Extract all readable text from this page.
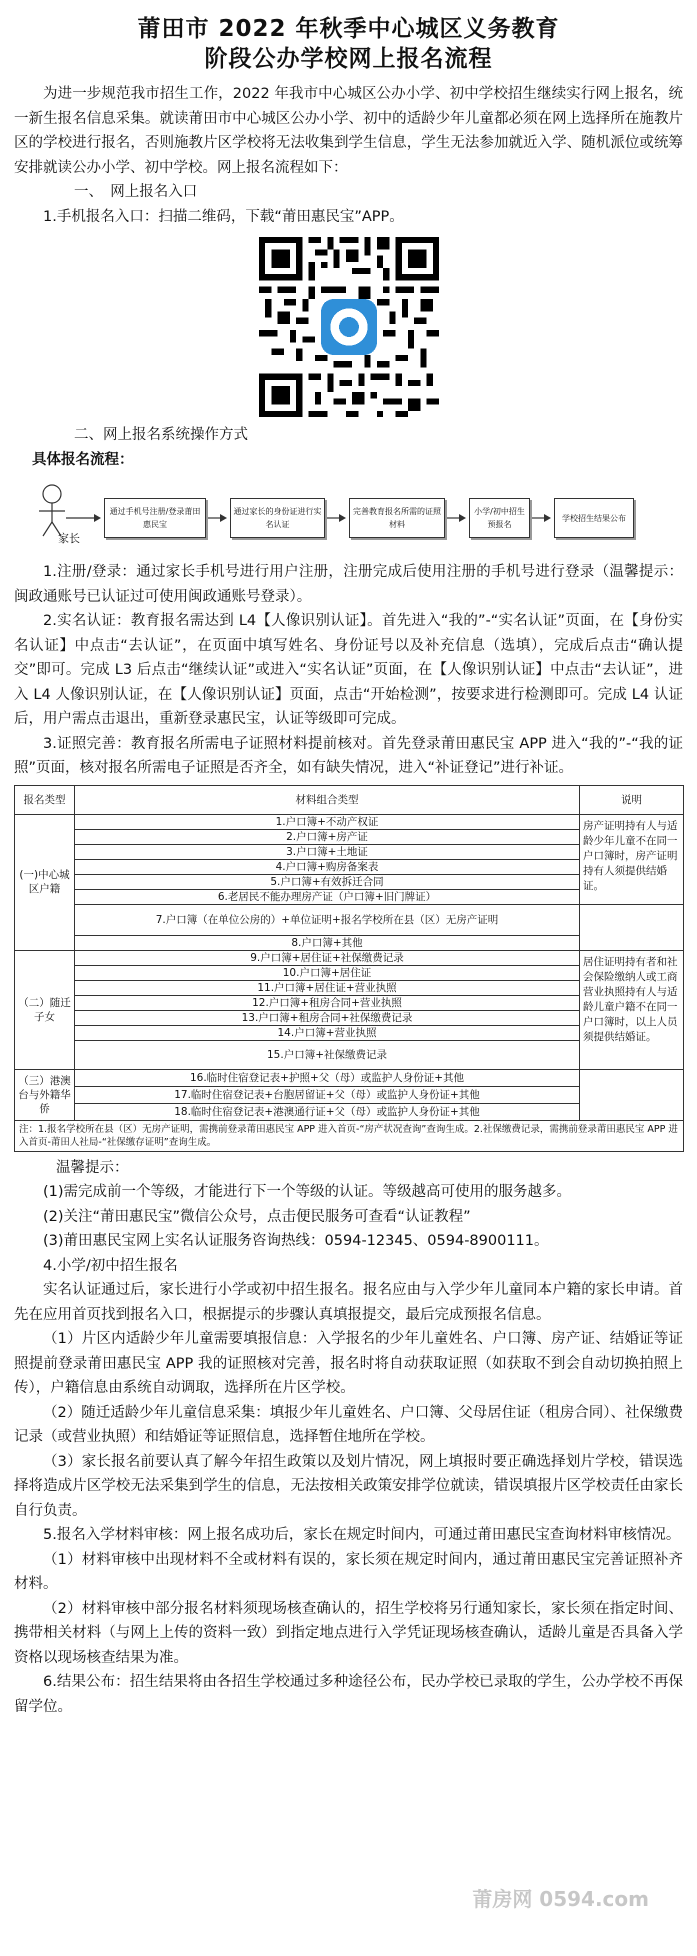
莆田市 2022 年秋季中心城区义务教育
阶段公办学校网上报名流程

为进一步规范我市招生工作，2022 年我市中心城区公办小学、初中学校招生继续实行网上报名，统一新生报名信息采集。就读莆田市中心城区公办小学、初中的适龄少年儿童都必须在网上选择所在施教片区的学校进行报名，否则施教片区学校将无法收集到学生信息，学生无法参加就近入学、随机派位或统筹安排就读公办小学、初中学校。网上报名流程如下：

一、　网上报名入口

1.手机报名入口：扫描二维码，下载“莆田惠民宝”APP。

二、网上报名系统操作方式

具体报名流程：

家长
通过手机号注册/登录莆田惠民宝
通过家长的身份证进行实名认证
完善教育报名所需的证照材料
小学/初中招生预报名
学校招生结果公布

1.注册/登录：通过家长手机号进行用户注册，注册完成后使用注册的手机号进行登录（温馨提示：闽政通账号已认证过可使用闽政通账号登录）。

2.实名认证：教育报名需达到 L4【人像识别认证】。首先进入“我的”-“实名认证”页面，在【身份实名认证】中点击“去认证”，在页面中填写姓名、身份证号以及补充信息（选填），完成后点击“确认提交”即可。完成 L3 后点击“继续认证”或进入“实名认证”页面，在【人像识别认证】中点击“去认证”，进入 L4 人像识别认证，在【人像识别认证】页面，点击“开始检测”，按要求进行检测即可。完成 L4 认证后，用户需点击退出，重新登录惠民宝，认证等级即可完成。

3.证照完善：教育报名所需电子证照材料提前核对。首先登录莆田惠民宝 APP 进入“我的”-“我的证照”页面，核对报名所需电子证照是否齐全，如有缺失情况，进入“补证登记”进行补证。

报名类型	材料组合类型	说明
(一)中心城区户籍	1.户口簿+不动产权证	房产证明持有人与适龄少年儿童不在同一户口簿时，房产证明持有人须提供结婚证。
	2.户口簿+房产证	
	3.户口簿+土地证	
	4.户口簿+购房备案表	
	5.户口簿+有效拆迁合同	
	6.老居民不能办理房产证（户口簿+旧门牌证）	
	7.户口簿（在单位公房的）+单位证明+报名学校所在县（区）无房产证明	
	8.户口簿+其他	
（二）随迁子女	9.户口簿+居住证+社保缴费记录	居住证明持有者和社会保险缴纳人或工商营业执照持有人与适龄儿童户籍不在同一户口簿时，以上人员须提供结婚证。
	10.户口簿+居住证	
	11.户口簿+居住证+营业执照	
	12.户口簿+租房合同+营业执照	
	13.户口簿+租房合同+社保缴费记录	
	14.户口簿+营业执照	
	15.户口簿+社保缴费记录	
（三）港澳台与外籍华侨	16.临时住宿登记表+护照+父（母）或监护人身份证+其他	
	17.临时住宿登记表+台胞居留证+父（母）或监护人身份证+其他	
	18.临时住宿登记表+港澳通行证+父（母）或监护人身份证+其他	
注：1.报名学校所在县（区）无房产证明，需携前登录莆田惠民宝 APP 进入首页-“房产状况查询”查询生成。2.社保缴费记录，需携前登录莆田惠民宝 APP 进入首页-莆田人社局-“社保缴存证明”查询生成。		

温馨提示：

(1)需完成前一个等级，才能进行下一个等级的认证。等级越高可使用的服务越多。

(2)关注“莆田惠民宝”微信公众号，点击便民服务可查看“认证教程”

(3)莆田惠民宝网上实名认证服务咨询热线：0594-12345、0594-8900111。

4.小学/初中招生报名

实名认证通过后，家长进行小学或初中招生报名。报名应由与入学少年儿童同本户籍的家长申请。首先在应用首页找到报名入口，根据提示的步骤认真填报提交，最后完成预报名信息。

（1）片区内适龄少年儿童需要填报信息：入学报名的少年儿童姓名、户口簿、房产证、结婚证等证照提前登录莆田惠民宝 APP 我的证照核对完善，报名时将自动获取证照（如获取不到会自动切换拍照上传），户籍信息由系统自动调取，选择所在片区学校。

（2）随迁适龄少年儿童信息采集：填报少年儿童姓名、户口簿、父母居住证（租房合同）、社保缴费记录（或营业执照）和结婚证等证照信息，选择暂住地所在学校。

（3）家长报名前要认真了解今年招生政策以及划片情况，网上填报时要正确选择划片学校，错误选择将造成片区学校无法采集到学生的信息，无法按相关政策安排学位就读，错误填报片区学校责任由家长自行负责。

5.报名入学材料审核：网上报名成功后，家长在规定时间内，可通过莆田惠民宝查询材料审核情况。

（1）材料审核中出现材料不全或材料有误的，家长须在规定时间内，通过莆田惠民宝完善证照补齐材料。

（2）材料审核中部分报名材料须现场核查确认的，招生学校将另行通知家长，家长须在指定时间、携带相关材料（与网上上传的资料一致）到指定地点进行入学凭证现场核查确认，适龄儿童是否具备入学资格以现场核查结果为准。

6.结果公布：招生结果将由各招生学校通过多种途径公布，民办学校已录取的学生，公办学校不再保留学位。

莆房网 0594.com
